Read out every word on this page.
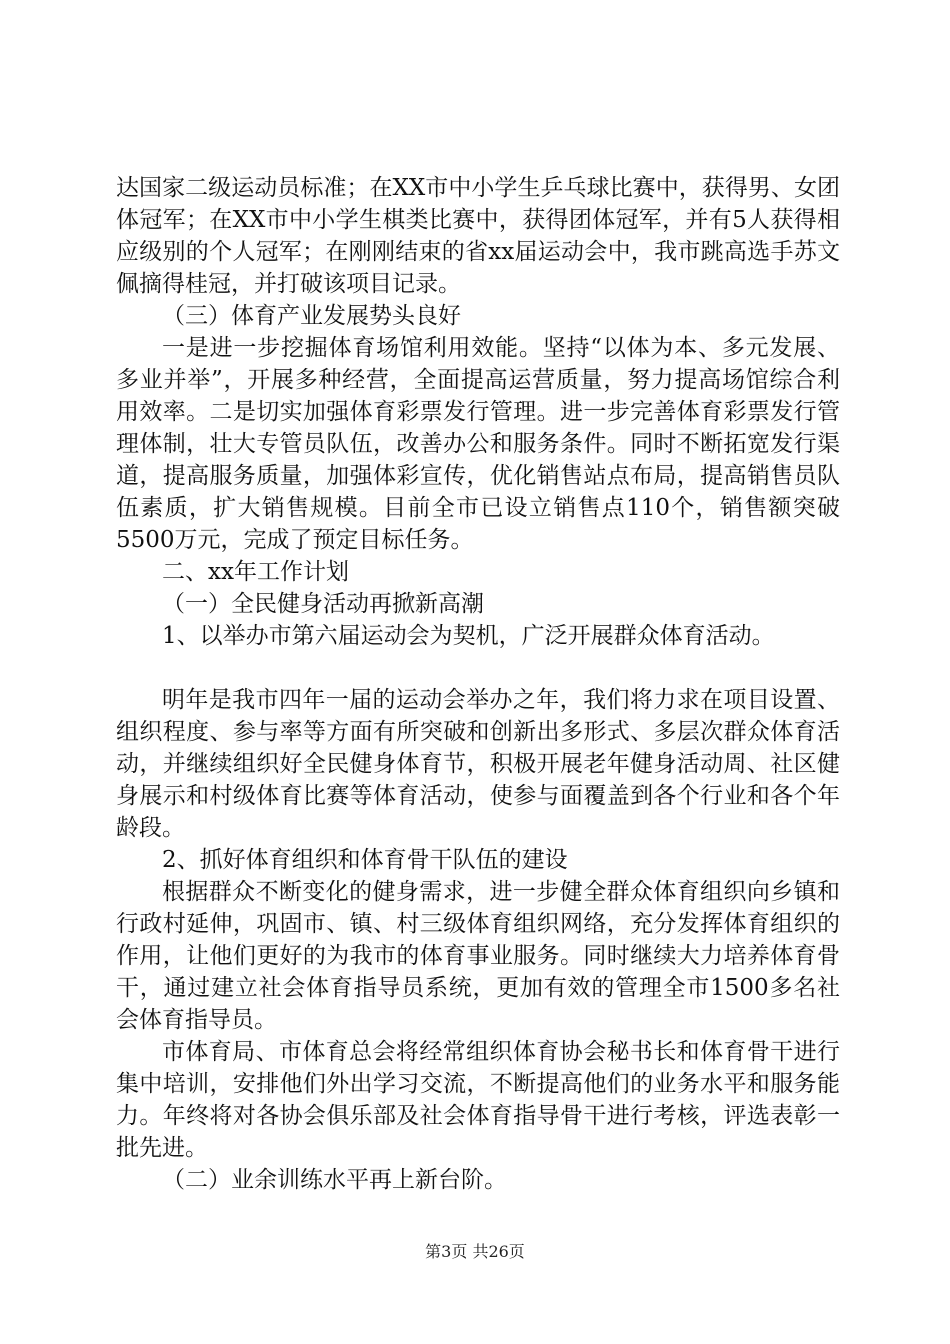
达国家二级运动员标准；在XX市中小学生乒乓球比赛中，获得男、女团体冠军；在XX市中小学生棋类比赛中，获得团体冠军，并有5人获得相应级别的个人冠军；在刚刚结束的省xx届运动会中，我市跳高选手苏文佩摘得桂冠，并打破该项目记录。

（三）体育产业发展势头良好

一是进一步挖掘体育场馆利用效能。坚持“以体为本、多元发展、多业并举”，开展多种经营，全面提高运营质量，努力提高场馆综合利用效率。二是切实加强体育彩票发行管理。进一步完善体育彩票发行管理体制，壮大专管员队伍，改善办公和服务条件。同时不断拓宽发行渠道，提高服务质量，加强体彩宣传，优化销售站点布局，提高销售员队伍素质，扩大销售规模。目前全市已设立销售点110个，销售额突破5500万元，完成了预定目标任务。

二、xx年工作计划

（一）全民健身活动再掀新高潮

1、以举办市第六届运动会为契机，广泛开展群众体育活动。

明年是我市四年一届的运动会举办之年，我们将力求在项目设置、组织程度、参与率等方面有所突破和创新出多形式、多层次群众体育活动，并继续组织好全民健身体育节，积极开展老年健身活动周、社区健身展示和村级体育比赛等体育活动，使参与面覆盖到各个行业和各个年龄段。

2、抓好体育组织和体育骨干队伍的建设

根据群众不断变化的健身需求，进一步健全群众体育组织向乡镇和行政村延伸，巩固市、镇、村三级体育组织网络，充分发挥体育组织的作用，让他们更好的为我市的体育事业服务。同时继续大力培养体育骨干，通过建立社会体育指导员系统，更加有效的管理全市1500多名社会体育指导员。

市体育局、市体育总会将经常组织体育协会秘书长和体育骨干进行集中培训，安排他们外出学习交流，不断提高他们的业务水平和服务能力。年终将对各协会俱乐部及社会体育指导骨干进行考核，评选表彰一批先进。

（二）业余训练水平再上新台阶。

第3页 共26页
